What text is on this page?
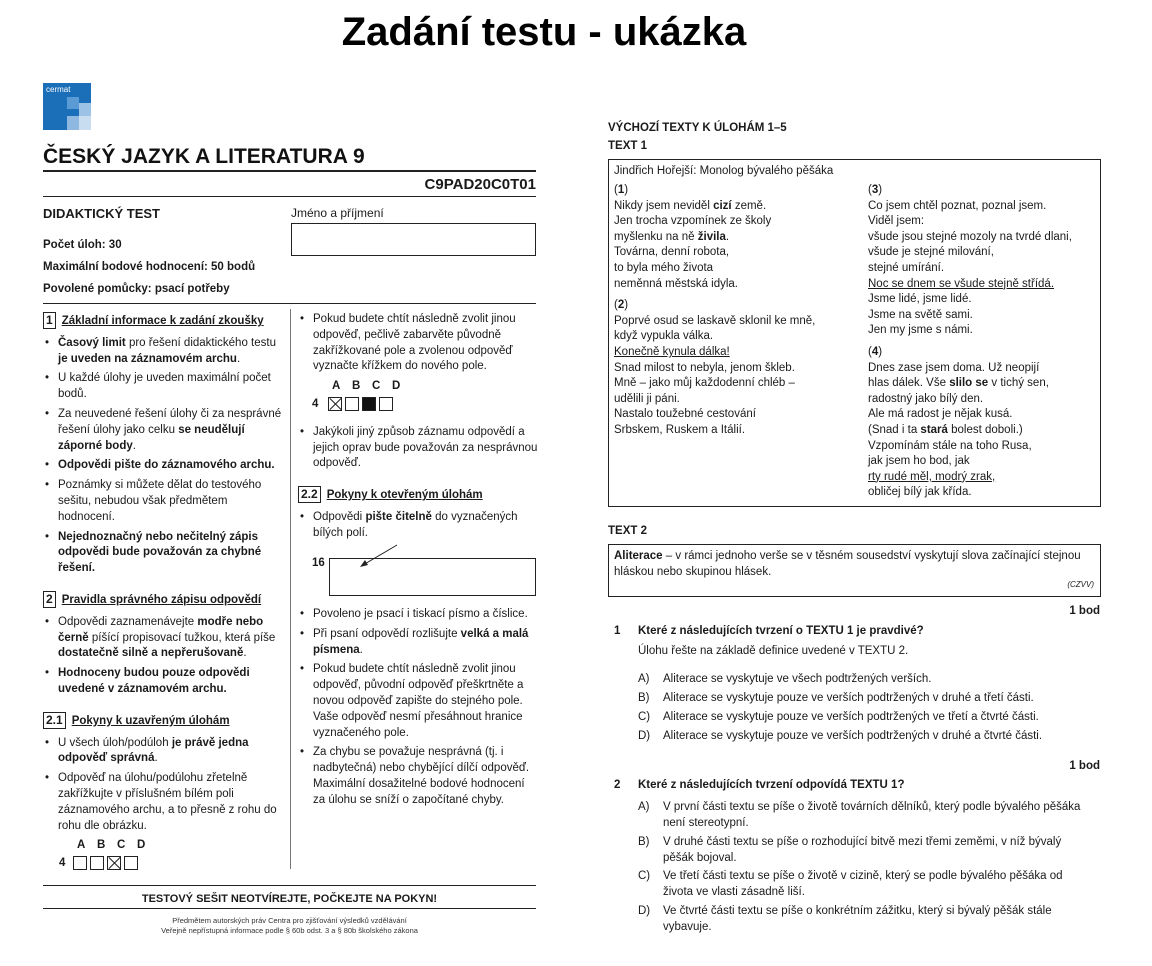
Zadání testu - ukázka
cermat
ČESKÝ JAZYK A LITERATURA 9
C9PAD20C0T01
DIDAKTICKÝ TEST	Jméno a příjmení
Počet úloh: 30
Maximální bodové hodnocení: 50 bodů
Povolené pomůcky: psací potřeby
1 Základní informace k zadání zkoušky
• Časový limit pro řešení didaktického testu je uveden na záznamovém archu.
• U každé úlohy je uveden maximální počet bodů.
• Za neuvedené řešení úlohy či za nesprávné řešení úlohy jako celku se neudělují záporné body.
• Odpovědi pište do záznamového archu.
• Poznámky si můžete dělat do testového sešitu, nebudou však předmětem hodnocení.
• Nejednoznačný nebo nečitelný zápis odpovědi bude považován za chybné řešení.
2 Pravidla správného zápisu odpovědí
• Odpovědi zaznamenávejte modře nebo černě píšící propisovací tužkou, která píše dostatečně silně a nepřerušovaně.
• Hodnoceny budou pouze odpovědi uvedené v záznamovém archu.
2.1 Pokyny k uzavřeným úlohám
• U všech úloh/podúloh je právě jedna odpověď správná.
• Odpověď na úlohu/podúlohu zřetelně zakřížkujte v příslušném bílém poli záznamového archu, a to přesně z rohu do rohu dle obrázku.
A B C D
4
• Pokud budete chtít následně zvolit jinou odpověď, pečlivě zabarvěte původně zakřížkované pole a zvolenou odpověď vyznačte křížkem do nového pole.
A B C D
4
• Jakýkoli jiný způsob záznamu odpovědí a jejich oprav bude považován za nesprávnou odpověď.
2.2 Pokyny k otevřeným úlohám
• Odpovědi pište čitelně do vyznačených bílých polí.
16
• Povoleno je psací i tiskací písmo a číslice.
• Při psaní odpovědí rozlišujte velká a malá písmena.
• Pokud budete chtít následně zvolit jinou odpověď, původní odpověď přeškrtněte a novou odpověď zapište do stejného pole. Vaše odpověď nesmí přesáhnout hranice vyznačeného pole.
• Za chybu se považuje nesprávná (tj. i nadbytečná) nebo chybějící dílčí odpověď. Maximální dosažitelné bodové hodnocení za úlohu se sníží o započítané chyby.
TESTOVÝ SEŠIT NEOTVÍREJTE, POČKEJTE NA POKYN!
Předmětem autorských práv Centra pro zjišťování výsledků vzdělávání
Veřejně nepřístupná informace podle § 60b odst. 3 a § 80b školského zákona
VÝCHOZÍ TEXTY K ÚLOHÁM 1–5
TEXT 1
Jindřich Hořejší: Monolog bývalého pěšáka

(1)

Nikdy jsem neviděl cizí země.

Jen trocha vzpomínek ze školy

myšlenku na ně živila.

Továrna, denní robota,

to byla mého života

neměnná městská idyla.

(2)

Poprvé osud se laskavě sklonil ke mně,

když vypukla válka.

Konečně kynula dálka!

Snad milost to nebyla, jenom škleb.

Mně – jako můj každodenní chléb –

udělili ji páni.

Nastalo toužebné cestování

Srbskem, Ruskem a Itálií.

(3)

Co jsem chtěl poznat, poznal jsem.

Viděl jsem:

všude jsou stejné mozoly na tvrdé dlani,

všude je stejné milování,

stejné umírání.

Noc se dnem se všude stejně střídá.

Jsme lidé, jsme lidé.

Jsme na světě sami.

Jen my jsme s námi.

(4)

Dnes zase jsem doma. Už neopijí

hlas dálek. Vše slilo se v tichý sen,

radostný jako bílý den.

Ale má radost je nějak kusá.

(Snad i ta stará bolest doboli.)

Vzpomínám stále na toho Rusa,

jak jsem ho bod, jak

rty rudé měl, modrý zrak,

obličej bílý jak křída.

TEXT 2
Aliterace – v rámci jednoho verše se v těsném sousedství vyskytují slova začínající stejnou hláskou nebo skupinou hlásek.
(CZVV)
1 bod
1 Které z následujících tvrzení o TEXTU 1 je pravdivé?
Úlohu řešte na základě definice uvedené v TEXTU 2.
A) Aliterace se vyskytuje ve všech podtržených verších.
B) Aliterace se vyskytuje pouze ve verších podtržených v druhé a třetí části.
C) Aliterace se vyskytuje pouze ve verších podtržených ve třetí a čtvrté části.
D) Aliterace se vyskytuje pouze ve verších podtržených v druhé a čtvrté části.
1 bod
2 Které z následujících tvrzení odpovídá TEXTU 1?
A) V první části textu se píše o životě továrních dělníků, který podle bývalého pěšáka není stereotypní.
B) V druhé části textu se píše o rozhodující bitvě mezi třemi zeměmi, v níž bývalý pěšák bojoval.
C) Ve třetí části textu se píše o životě v cizině, který se podle bývalého pěšáka od života ve vlasti zásadně liší.
D) Ve čtvrté části textu se píše o konkrétním zážitku, který si bývalý pěšák stále vybavuje.
